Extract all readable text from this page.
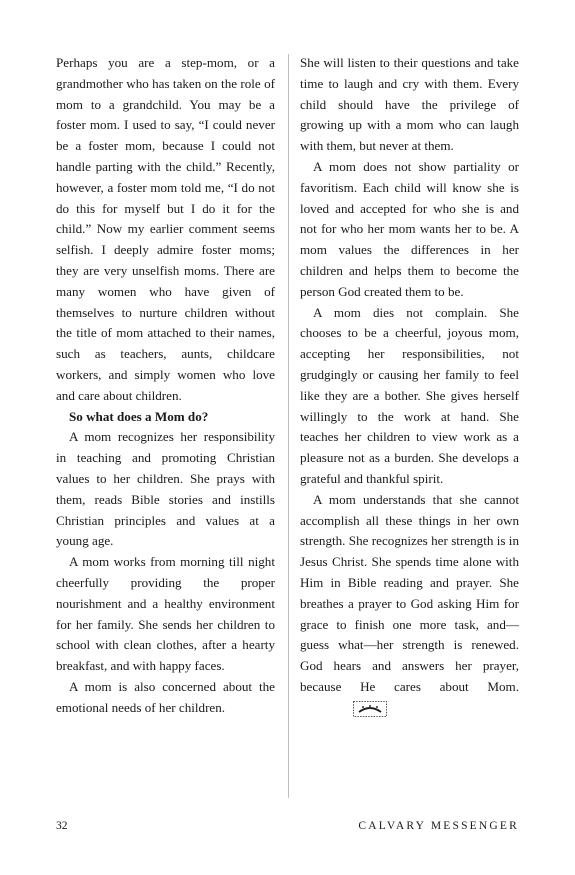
Perhaps you are a step-mom, or a grandmother who has taken on the role of mom to a grandchild. You may be a foster mom. I used to say, “I could never be a foster mom, because I could not handle parting with the child.” Recently, however, a foster mom told me, “I do not do this for myself but I do it for the child.” Now my earlier comment seems selfish. I deeply admire foster moms; they are very unselfish moms. There are many women who have given of themselves to nurture children without the title of mom attached to their names, such as teachers, aunts, childcare workers, and simply women who love and care about children.

So what does a Mom do?

A mom recognizes her responsibility in teaching and promoting Christian values to her children. She prays with them, reads Bible stories and instills Christian principles and values at a young age.

A mom works from morning till night cheerfully providing the proper nourishment and a healthy environment for her family. She sends her children to school with clean clothes, after a hearty breakfast, and with happy faces.

A mom is also concerned about the emotional needs of her children.

She will listen to their questions and take time to laugh and cry with them. Every child should have the privilege of growing up with a mom who can laugh with them, but never at them.

A mom does not show partiality or favoritism. Each child will know she is loved and accepted for who she is and not for who her mom wants her to be. A mom values the differences in her children and helps them to become the person God created them to be.

A mom dies not complain. She chooses to be a cheerful, joyous mom, accepting her responsibilities, not grudgingly or causing her family to feel like they are a bother. She gives herself willingly to the work at hand. She teaches her children to view work as a pleasure not as a burden. She develops a grateful and thankful spirit.

A mom understands that she cannot accomplish all these things in her own strength. She recognizes her strength is in Jesus Christ. She spends time alone with Him in Bible reading and prayer. She breathes a prayer to God asking Him for grace to finish one more task, and—guess what—her strength is renewed. God hears and answers her prayer, because He cares about Mom.

32	CALVARY MESSENGER
